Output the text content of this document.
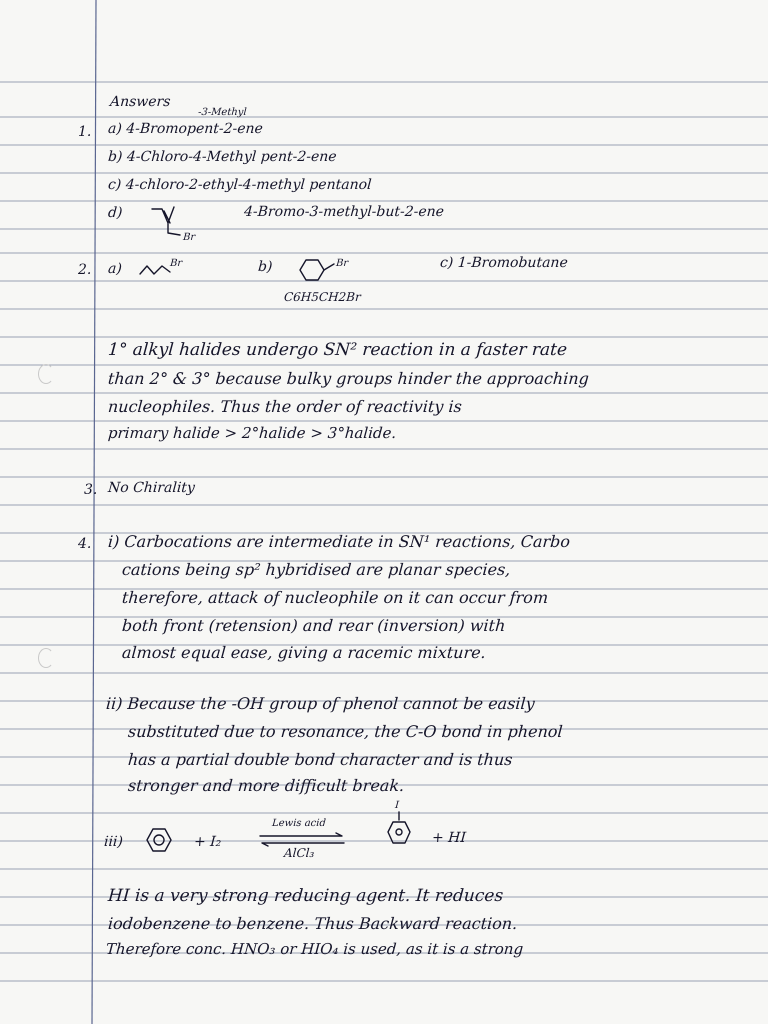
Answers
1.
-3-Methyl
a) 4-Bromopent-2-ene
b) 4-Chloro-4-Methyl pent-2-ene
c) 4-chloro-2-ethyl-4-methyl pentanol
d)
Br
4-Bromo-3-methyl-but-2-ene
2. a)	Br	b)	Br
C6H5CH2Br
c) 1-Bromobutane
1° alkyl halides undergo SN² reaction in a faster rate
than 2° & 3° because bulky groups hinder the approaching
nucleophiles. Thus the order of reactivity is
primary halide > 2°halide > 3°halide.
3. No Chirality
4. i) Carbocations are intermediate in SN¹ reactions, Carbo
cations being sp² hybridised are planar species,
therefore, attack of nucleophile on it can occur from
both front (retension) and rear (inversion) with
almost equal ease, giving a racemic mixture.
ii) Because the -OH group of phenol cannot be easily
substituted due to resonance, the C-O bond in phenol
has a partial double bond character and is thus
stronger and more difficult break.
iii)	+ I₂
Lewis acid
AlCl₃
I
+ HI
HI is a very strong reducing agent. It reduces
iodobenzene to benzene. Thus Backward reaction.
Therefore conc. HNO₃ or HIO₄ is used, as it is a strong
